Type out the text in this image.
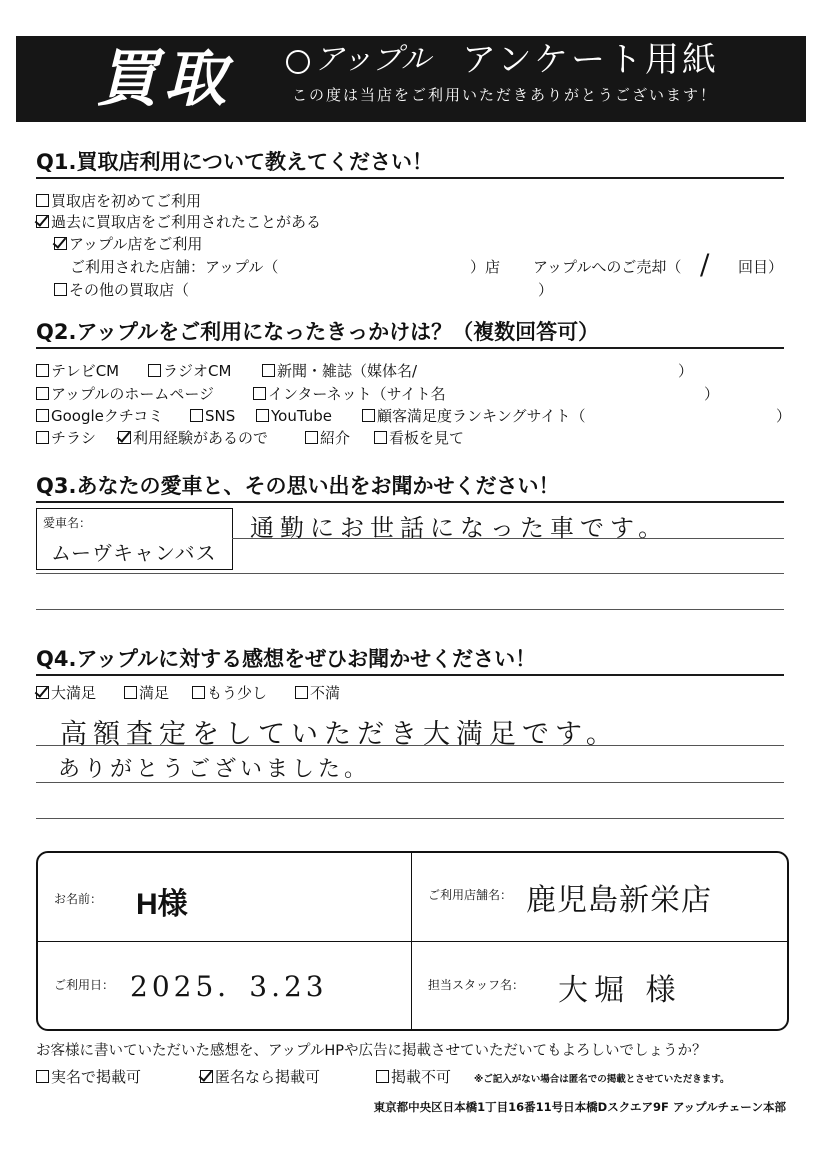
買取	アップル アンケート用紙
この度は当店をご利用いただきありがとうございます！
Q1.買取店利用について教えてください！
買取店を初めてご利用
過去に買取店をご利用されたことがある
アップル店をご利用
ご利用された店舗：アップル（	）店 アップルへのご売却（ / 回目）
その他の買取店（	）
Q2.アップルをご利用になったきっかけは？（複数回答可）
テレビCM	ラジオCM	新聞・雑誌（媒体名/	）
アップルのホームページ	インターネット（サイト名	）
Googleクチコミ	SNS	YouTube	顧客満足度ランキングサイト（	）
チラシ	利用経験があるので	紹介	看板を見て
Q3.あなたの愛車と、その思い出をお聞かせください！
愛車名：
ムーヴキャンバス
通勤にお世話になった車です。
Q4.アップルに対する感想をぜひお聞かせください！
大満足	満足	もう少し	不満
高額査定をしていただき大満足です。
ありがとうございました。
お名前： H様	ご利用店舗名： 鹿児島新栄店
ご利用日： 2025．3.23	担当スタッフ名： 大堀 様
お客様に書いていただいた感想を、アップルHPや広告に掲載させていただいてもよろしいでしょうか？
実名で掲載可	匿名なら掲載可	掲載不可 ※ご記入がない場合は匿名での掲載とさせていただきます。
東京都中央区日本橋1丁目16番11号日本橋Dスクエア9F アップルチェーン本部
